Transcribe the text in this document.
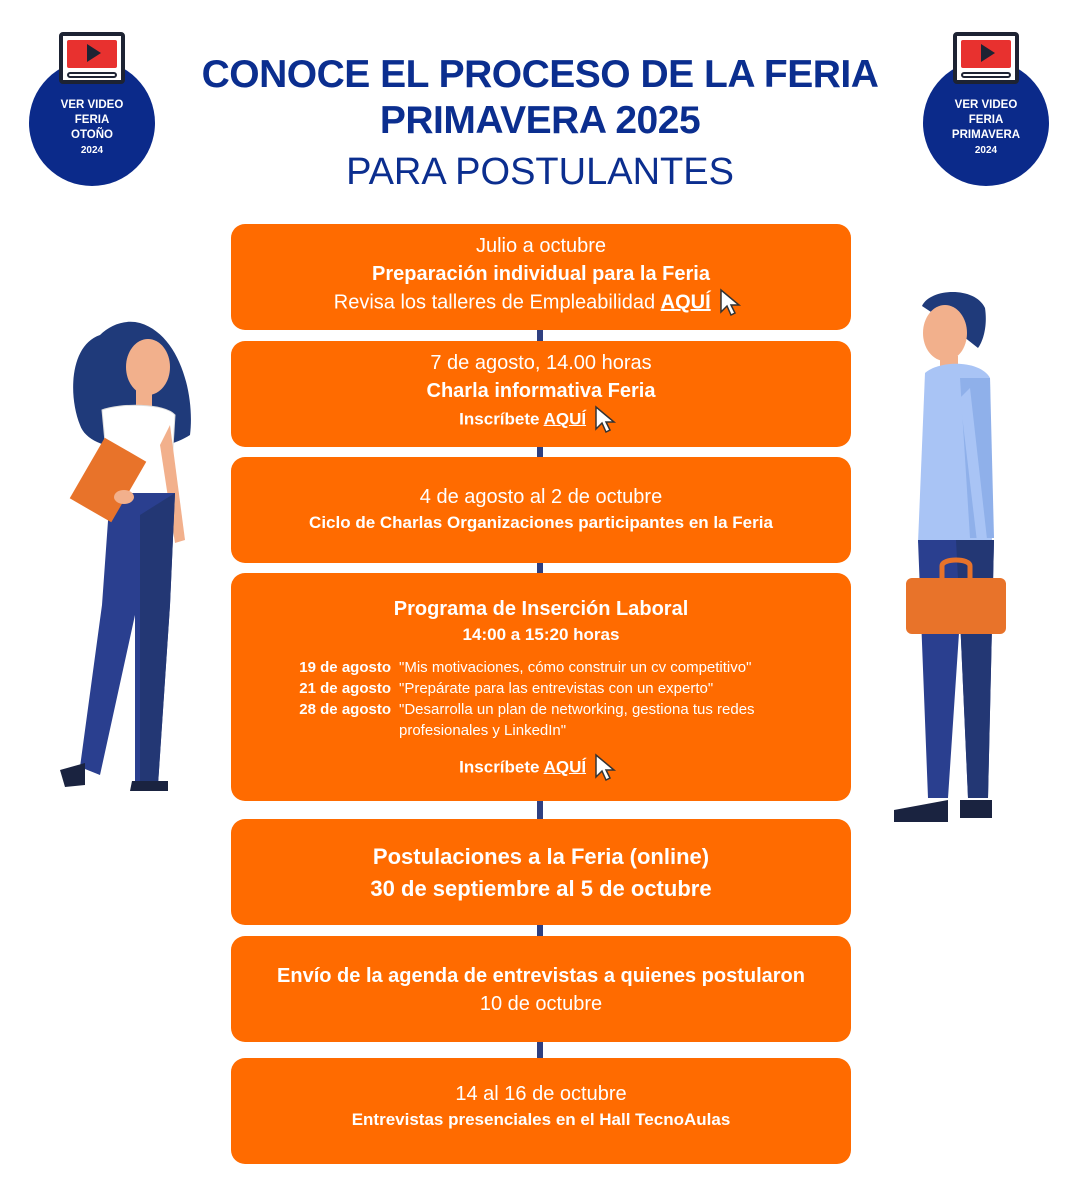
CONOCE EL PROCESO DE LA FERIA PRIMAVERA 2025
PARA POSTULANTES
VER VIDEO
FERIA
OTOÑO
2024
VER VIDEO
FERIA
PRIMAVERA
2024
Julio a octubre
Preparación individual para la Feria
Revisa los talleres de Empleabilidad AQUÍ
7 de agosto, 14.00 horas
Charla informativa Feria
Inscríbete AQUÍ
4 de agosto al 2 de octubre
Ciclo de Charlas Organizaciones participantes en la Feria
Programa de Inserción Laboral
14:00 a 15:20 horas
19 de agosto "Mis motivaciones, cómo construir un cv competitivo"
21 de agosto "Prepárate para las entrevistas con un experto"
28 de agosto "Desarrolla un plan de networking, gestiona tus redes profesionales y LinkedIn"
Inscríbete AQUÍ
Postulaciones a la Feria (online)
30 de septiembre al 5 de octubre
Envío de la agenda de entrevistas a quienes postularon
10 de octubre
14 al 16 de octubre
Entrevistas presenciales en el Hall TecnoAulas
